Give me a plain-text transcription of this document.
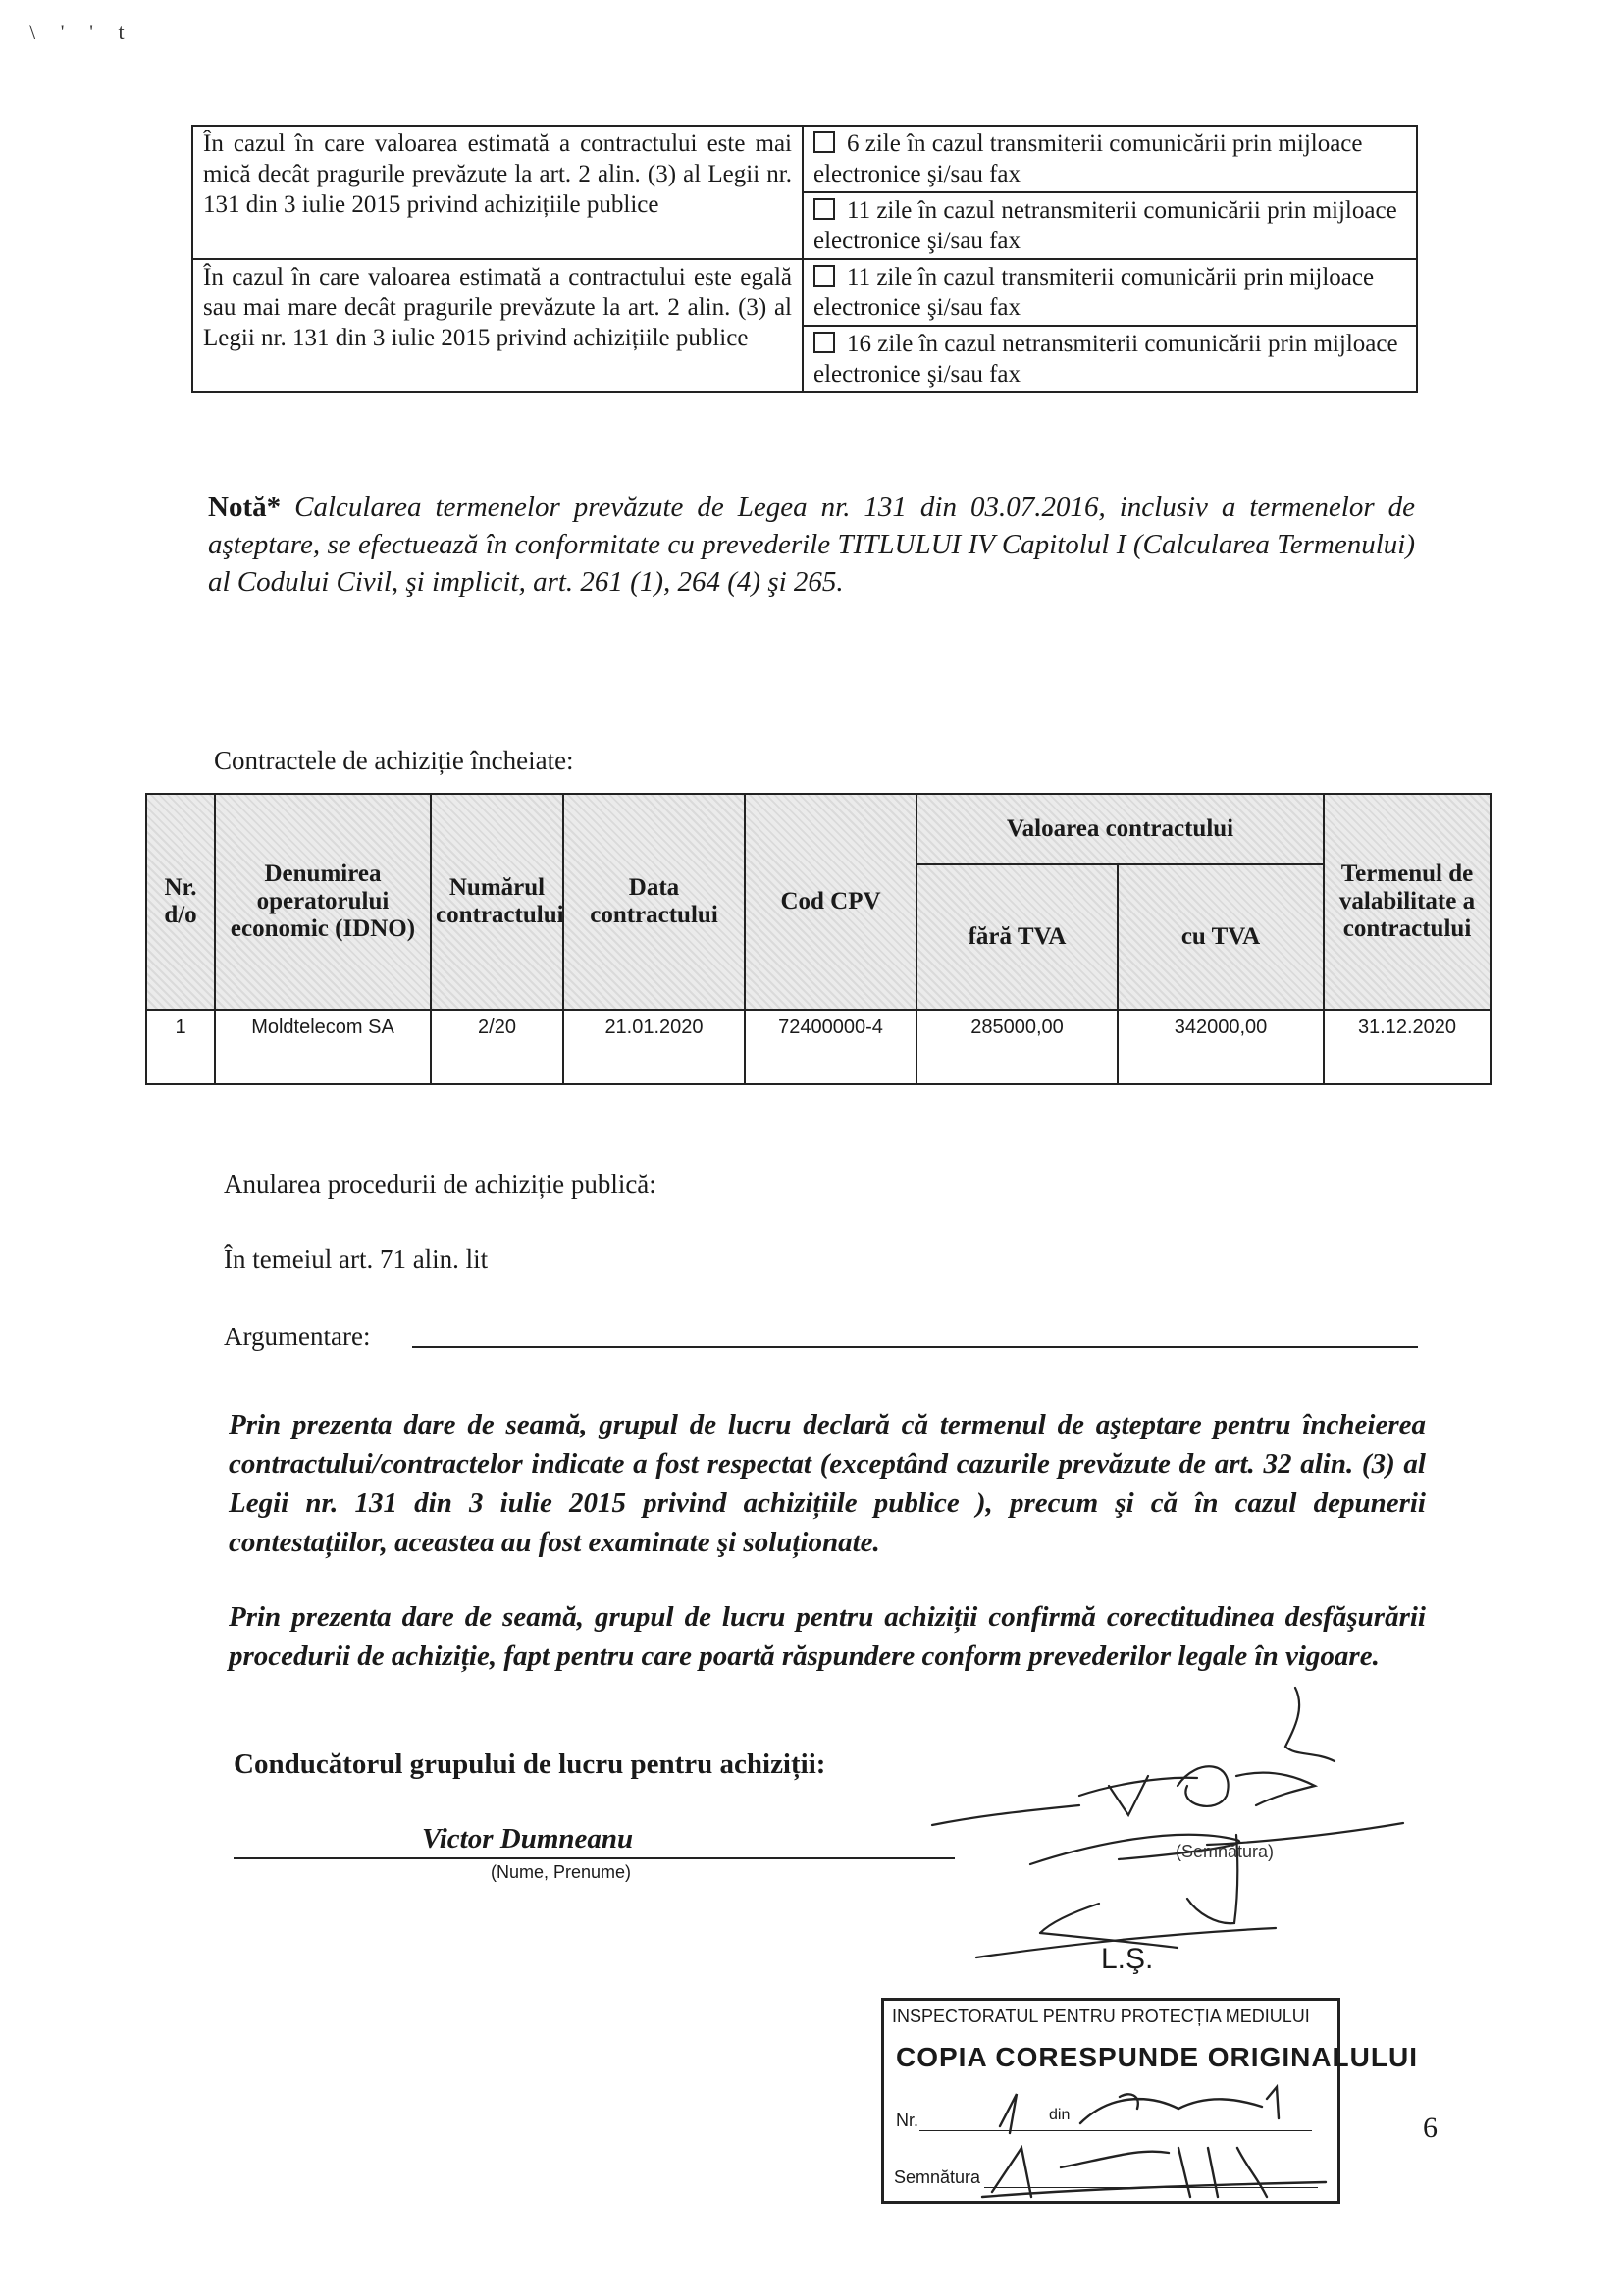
\ ' ' t
În cazul în care valoarea estimată a contractului este mai mică decât pragurile prevăzute la art. 2 alin. (3) al Legii nr. 131 din 3 iulie 2015 privind achizițiile publice	6 zile în cazul transmiterii comunicării prin mijloace electronice şi/sau fax
	11 zile în cazul netransmiterii comunicării prin mijloace electronice şi/sau fax
În cazul în care valoarea estimată a contractului este egală sau mai mare decât pragurile prevăzute la art. 2 alin. (3) al Legii nr. 131 din 3 iulie 2015 privind achizițiile publice	11 zile în cazul transmiterii comunicării prin mijloace electronice şi/sau fax
	16 zile în cazul netransmiterii comunicării prin mijloace electronice şi/sau fax
Notă* Calcularea termenelor prevăzute de Legea nr. 131 din 03.07.2016, inclusiv a termenelor de aşteptare, se efectuează în conformitate cu prevederile TITLULUI IV Capitolul I (Calcularea Termenului) al Codului Civil, şi implicit, art. 261 (1), 264 (4) şi 265.
Contractele de achiziție încheiate:
Nr. d/o	Denumirea operatorului economic (IDNO)	Numărul contractului	Data contractului	Cod CPV	Valoarea contractului		Termenul de valabilitate a contractului
					fără TVA	cu TVA	
1	Moldtelecom SA	2/20	21.01.2020	72400000-4	285000,00	342000,00	31.12.2020
Anularea procedurii de achiziție publică:
În temeiul art. 71 alin. lit
Argumentare:
Prin prezenta dare de seamă, grupul de lucru declară că termenul de aşteptare pentru încheierea contractului/contractelor indicate a fost respectat (exceptând cazurile prevăzute de art. 32 alin. (3) al Legii nr. 131 din 3 iulie 2015 privind achizițiile publice ), precum şi că în cazul depunerii contestațiilor, aceastea au fost examinate şi soluționate.
Prin prezenta dare de seamă, grupul de lucru pentru achiziții confirmă corectitudinea desfăşurării procedurii de achiziție, fapt pentru care poartă răspundere conform prevederilor legale în vigoare.
Conducătorul grupului de lucru pentru achiziții:
Victor Dumneanu
(Nume, Prenume)
(Semnătura)
L.Ş.
INSPECTORATUL PENTRU PROTECȚIA MEDIULUI
COPIA CORESPUNDE ORIGINALULUI
Nr.	din
Semnătura
6
